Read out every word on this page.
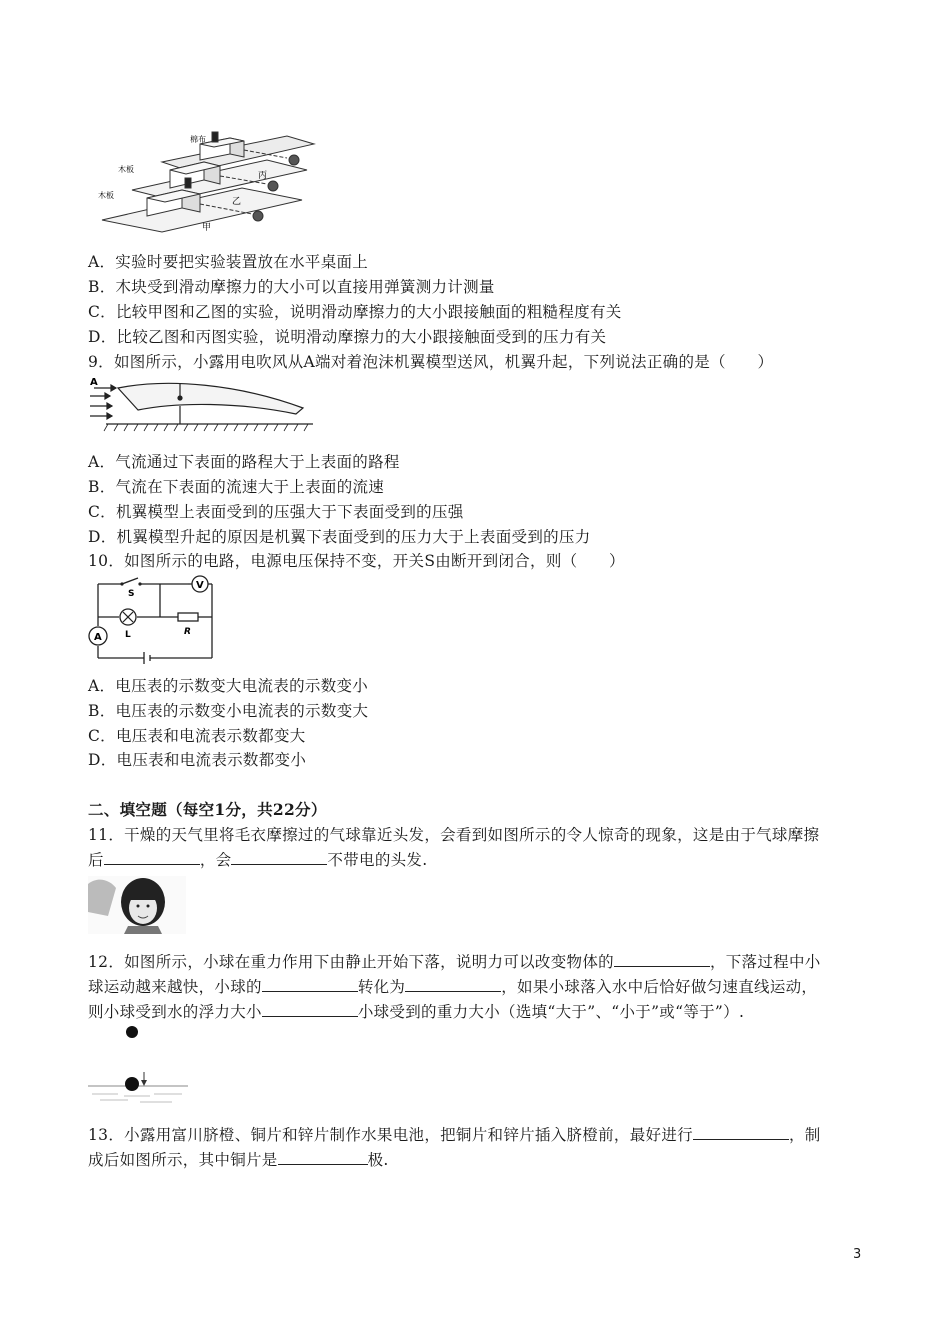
棉布
木板
木板
甲
乙
丙
A．实验时要把实验装置放在水平桌面上
B．木块受到滑动摩擦力的大小可以直接用弹簧测力计测量
C．比较甲图和乙图的实验，说明滑动摩擦力的大小跟接触面的粗糙程度有关
D．比较乙图和丙图实验，说明滑动摩擦力的大小跟接触面受到的压力有关
9．如图所示，小露用电吹风从A端对着泡沫机翼模型送风，机翼升起，下列说法正确的是（　　）
A
A．气流通过下表面的路程大于上表面的路程
B．气流在下表面的流速大于上表面的流速
C．机翼模型上表面受到的压强大于下表面受到的压强
D．机翼模型升起的原因是机翼下表面受到的压力大于上表面受到的压力
10．如图所示的电路，电源电压保持不变，开关S由断开到闭合，则（　　）
S
V
L	R
A
A．电压表的示数变大电流表的示数变小
B．电压表的示数变小电流表的示数变大
C．电压表和电流表示数都变大
D．电压表和电流表示数都变小
二、填空题（每空1分，共22分）
11．干燥的天气里将毛衣摩擦过的气球靠近头发，会看到如图所示的令人惊奇的现象，这是由于气球摩擦
后	，会	不带电的头发.
12．如图所示，小球在重力作用下由静止开始下落，说明力可以改变物体的	，下落过程中小
球运动越来越快，小球的	转化为	，如果小球落入水中后恰好做匀速直线运动，
则小球受到水的浮力大小	小球受到的重力大小（选填“大于”、“小于”或“等于”）.
13．小露用富川脐橙、铜片和锌片制作水果电池，把铜片和锌片插入脐橙前，最好进行	，制
成后如图所示，其中铜片是	极.
3
